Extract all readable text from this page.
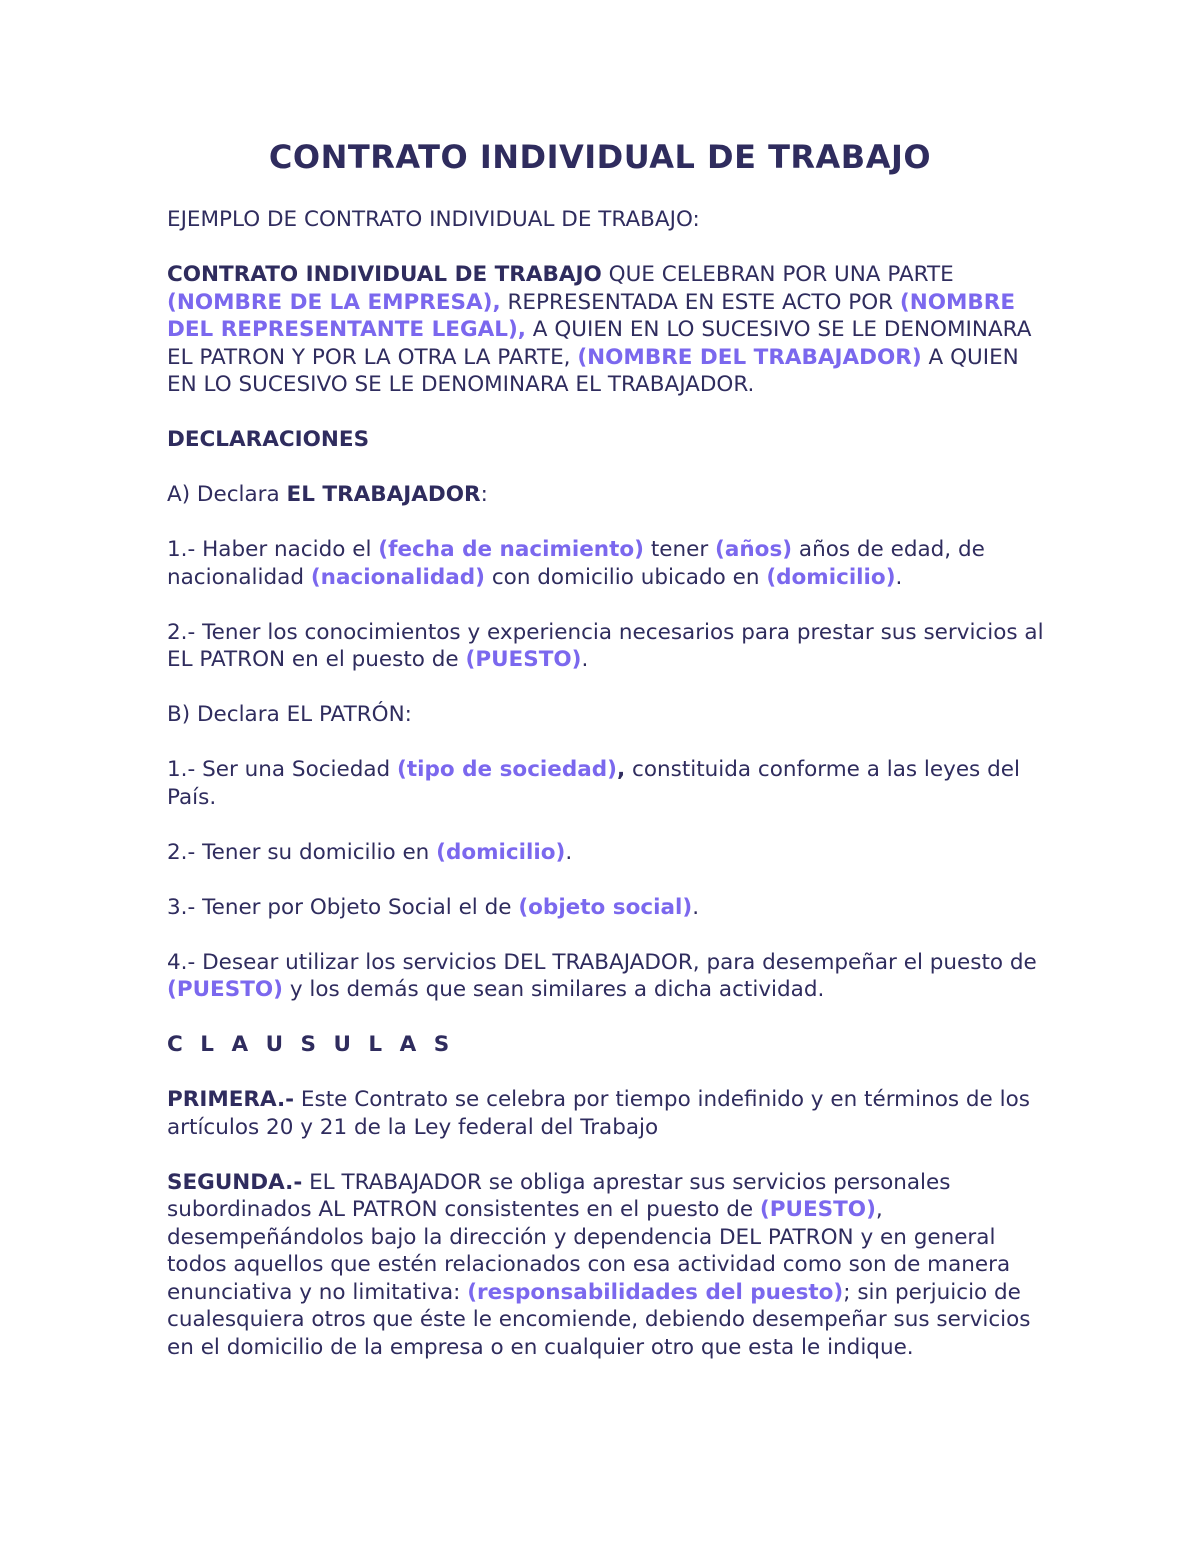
CONTRATO INDIVIDUAL DE TRABAJO

EJEMPLO DE CONTRATO INDIVIDUAL DE TRABAJO:

CONTRATO INDIVIDUAL DE TRABAJO QUE CELEBRAN POR UNA PARTE (NOMBRE DE LA EMPRESA), REPRESENTADA EN ESTE ACTO POR (NOMBRE DEL REPRESENTANTE LEGAL), A QUIEN EN LO SUCESIVO SE LE DENOMINARA EL PATRON Y POR LA OTRA LA PARTE, (NOMBRE DEL TRABAJADOR) A QUIEN EN LO SUCESIVO SE LE DENOMINARA EL TRABAJADOR.

DECLARACIONES

A) Declara EL TRABAJADOR:

1.- Haber nacido el (fecha de nacimiento) tener (años) años de edad, de nacionalidad (nacionalidad) con domicilio ubicado en (domicilio).

2.- Tener los conocimientos y experiencia necesarios para prestar sus servicios al EL PATRON en el puesto de (PUESTO).

B) Declara EL PATRÓN:

1.- Ser una Sociedad (tipo de sociedad), constituida conforme a las leyes del País.

2.- Tener su domicilio en (domicilio).

3.- Tener por Objeto Social el de (objeto social).

4.- Desear utilizar los servicios DEL TRABAJADOR, para desempeñar el puesto de (PUESTO) y los demás que sean similares a dicha actividad.

C L A U S U L A S

PRIMERA.- Este Contrato se celebra por tiempo indefinido y en términos de los artículos 20 y 21 de la Ley federal del Trabajo

SEGUNDA.- EL TRABAJADOR se obliga aprestar sus servicios personales subordinados AL PATRON consistentes en el puesto de (PUESTO), desempeñándolos bajo la dirección y dependencia DEL PATRON y en general todos aquellos que estén relacionados con esa actividad como son de manera enunciativa y no limitativa: (responsabilidades del puesto); sin perjuicio de cualesquiera otros que éste le encomiende, debiendo desempeñar sus servicios en el domicilio de la empresa o en cualquier otro que esta le indique.
